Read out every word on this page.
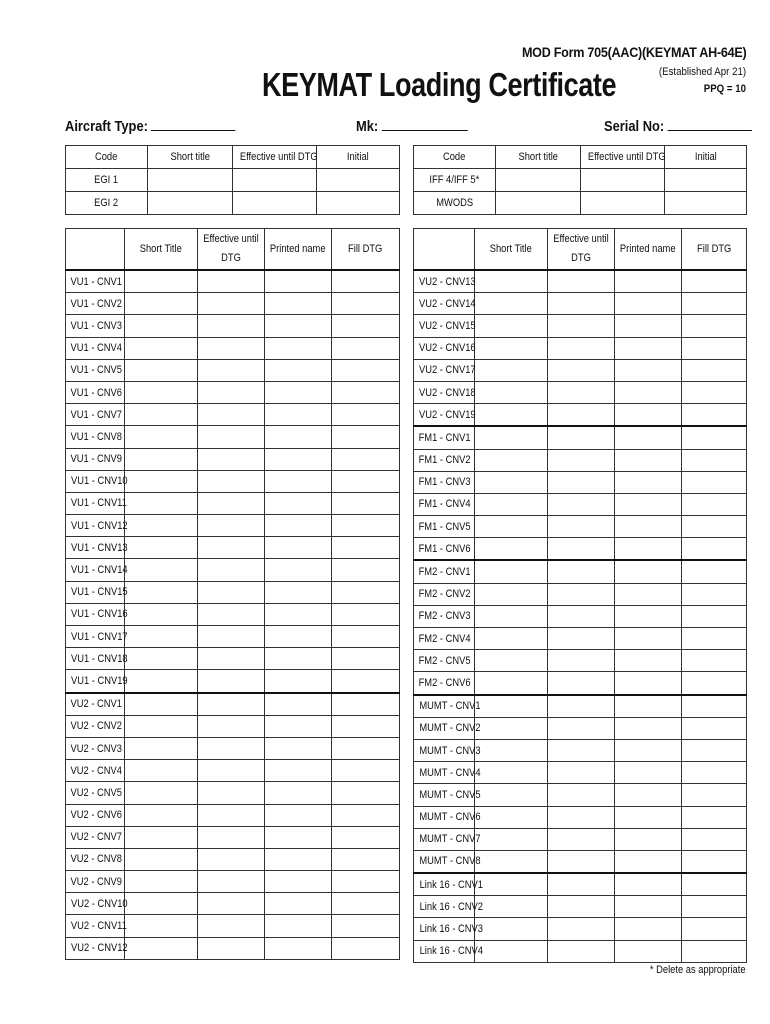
MOD Form 705(AAC)(KEYMAT AH-64E)
(Established Apr 21)
PPQ = 10
KEYMAT Loading Certificate
Aircraft Type:	Mk:	Serial No:
Code	Short title	Effective until DTG	Initial
EGI 1			
EGI 2			
Code	Short title	Effective until DTG	Initial
IFF 4/IFF 5*			
MWODS			
	Short Title	Effective until DTG	Printed name	Fill DTG
VU1 - CNV1				
VU1 - CNV2				
VU1 - CNV3				
VU1 - CNV4				
VU1 - CNV5				
VU1 - CNV6				
VU1 - CNV7				
VU1 - CNV8				
VU1 - CNV9				
VU1 - CNV10				
VU1 - CNV11				
VU1 - CNV12				
VU1 - CNV13				
VU1 - CNV14				
VU1 - CNV15				
VU1 - CNV16				
VU1 - CNV17				
VU1 - CNV18				
VU1 - CNV19				
VU2 - CNV1				
VU2 - CNV2				
VU2 - CNV3				
VU2 - CNV4				
VU2 - CNV5				
VU2 - CNV6				
VU2 - CNV7				
VU2 - CNV8				
VU2 - CNV9				
VU2 - CNV10				
VU2 - CNV11				
VU2 - CNV12				
	Short Title	Effective until DTG	Printed name	Fill DTG
VU2 - CNV13				
VU2 - CNV14				
VU2 - CNV15				
VU2 - CNV16				
VU2 - CNV17				
VU2 - CNV18				
VU2 - CNV19				
FM1 - CNV1				
FM1 - CNV2				
FM1 - CNV3				
FM1 - CNV4				
FM1 - CNV5				
FM1 - CNV6				
FM2 - CNV1				
FM2 - CNV2				
FM2 - CNV3				
FM2 - CNV4				
FM2 - CNV5				
FM2 - CNV6				
MUMT - CNV1				
MUMT - CNV2				
MUMT - CNV3				
MUMT - CNV4				
MUMT - CNV5				
MUMT - CNV6				
MUMT - CNV7				
MUMT - CNV8				
Link 16 - CNV1				
Link 16 - CNV2				
Link 16 - CNV3				
Link 16 - CNV4				
* Delete as appropriate
